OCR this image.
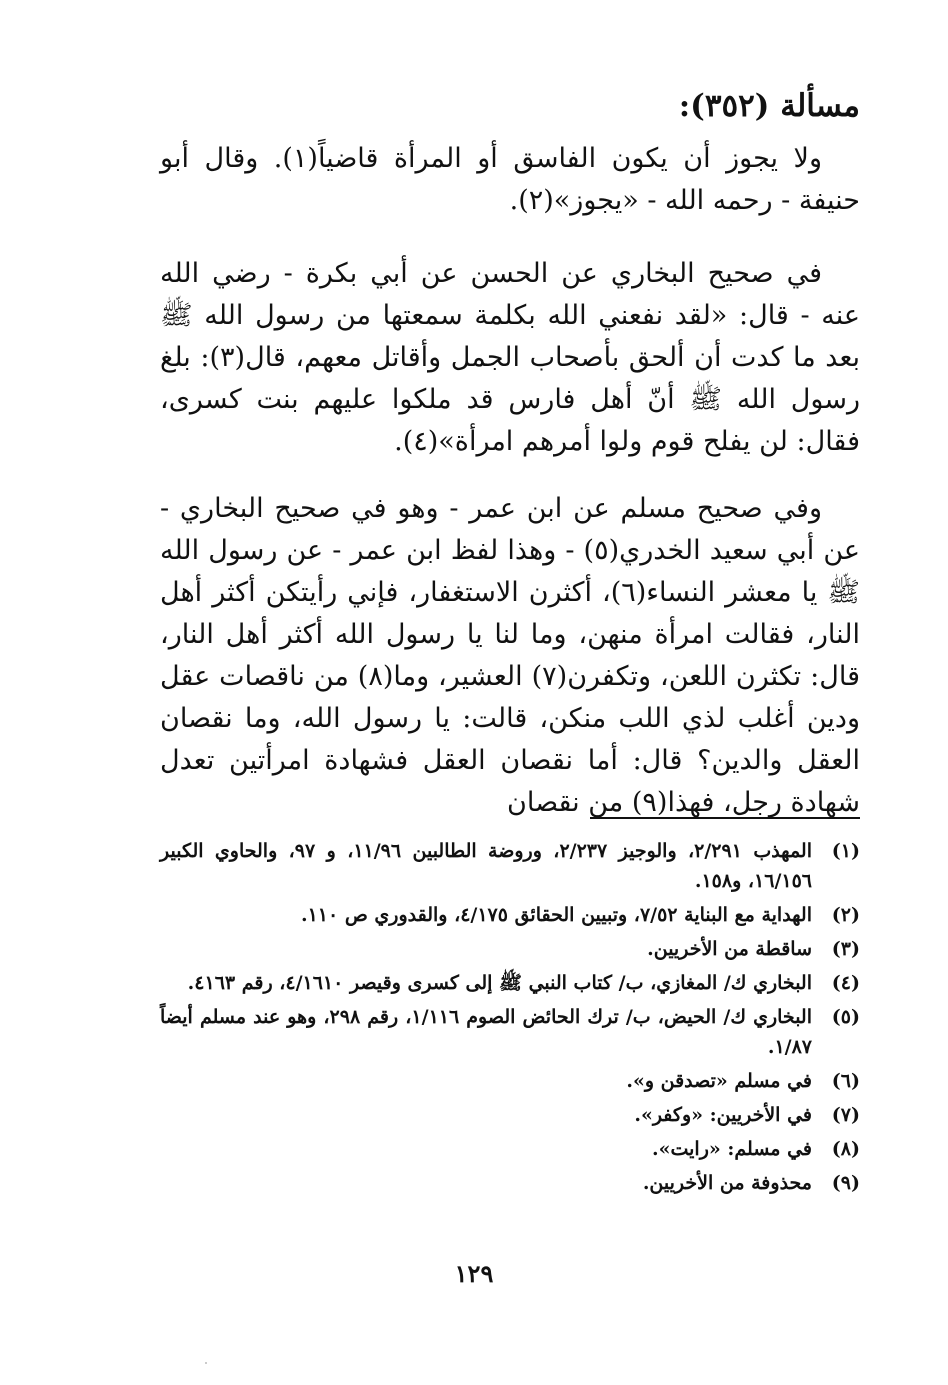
مسألة (٣٥٢):

ولا يجوز أن يكون الفاسق أو المرأة قاضياً(١). وقال أبو حنيفة - رحمه الله - «يجوز»(٢).

في صحيح البخاري عن الحسن عن أبي بكرة - رضي الله عنه - قال: «لقد نفعني الله بكلمة سمعتها من رسول الله ﷺ بعد ما كدت أن ألحق بأصحاب الجمل وأقاتل معهم، قال(٣): بلغ رسول الله ﷺ أنّ أهل فارس قد ملكوا عليهم بنت كسرى، فقال: لن يفلح قوم ولوا أمرهم امرأة»(٤).

وفي صحيح مسلم عن ابن عمر - وهو في صحيح البخاري - عن أبي سعيد الخدري(٥) - وهذا لفظ ابن عمر - عن رسول الله ﷺ يا معشر النساء(٦)، أكثرن الاستغفار، فإني رأيتكن أكثر أهل النار، فقالت امرأة منهن، وما لنا يا رسول الله أكثر أهل النار، قال: تكثرن اللعن، وتكفرن(٧) العشير، وما(٨) من ناقصات عقل ودين أغلب لذي اللب منكن، قالت: يا رسول الله، وما نقصان العقل والدين؟ قال: أما نقصان العقل فشهادة امرأتين تعدل شهادة رجل، فهذا(٩) من نقصان

(١)
المهذب ٢/٢٩١، والوجيز ٢/٢٣٧، وروضة الطالبين ١١/٩٦، و ٩٧، والحاوي الكبير ١٦/١٥٦، و١٥٨.
(٢)
الهداية مع البناية ٧/٥٢، وتبيين الحقائق ٤/١٧٥، والقدوري ص ١١٠.
(٣)
ساقطة من الأخريين.
(٤)
البخاري ك/ المغازي، ب/ كتاب النبي ﷺ إلى كسرى وقيصر ٤/١٦١٠، رقم ٤١٦٣.
(٥)
البخاري ك/ الحيض، ب/ ترك الحائض الصوم ١/١١٦، رقم ٢٩٨، وهو عند مسلم أيضاً ١/٨٧.
(٦)
في مسلم «تصدقن و».
(٧)
في الأخريين: «وكفر».
(٨)
في مسلم: «رايت».
(٩)
محذوفة من الأخريين.
١٢٩
